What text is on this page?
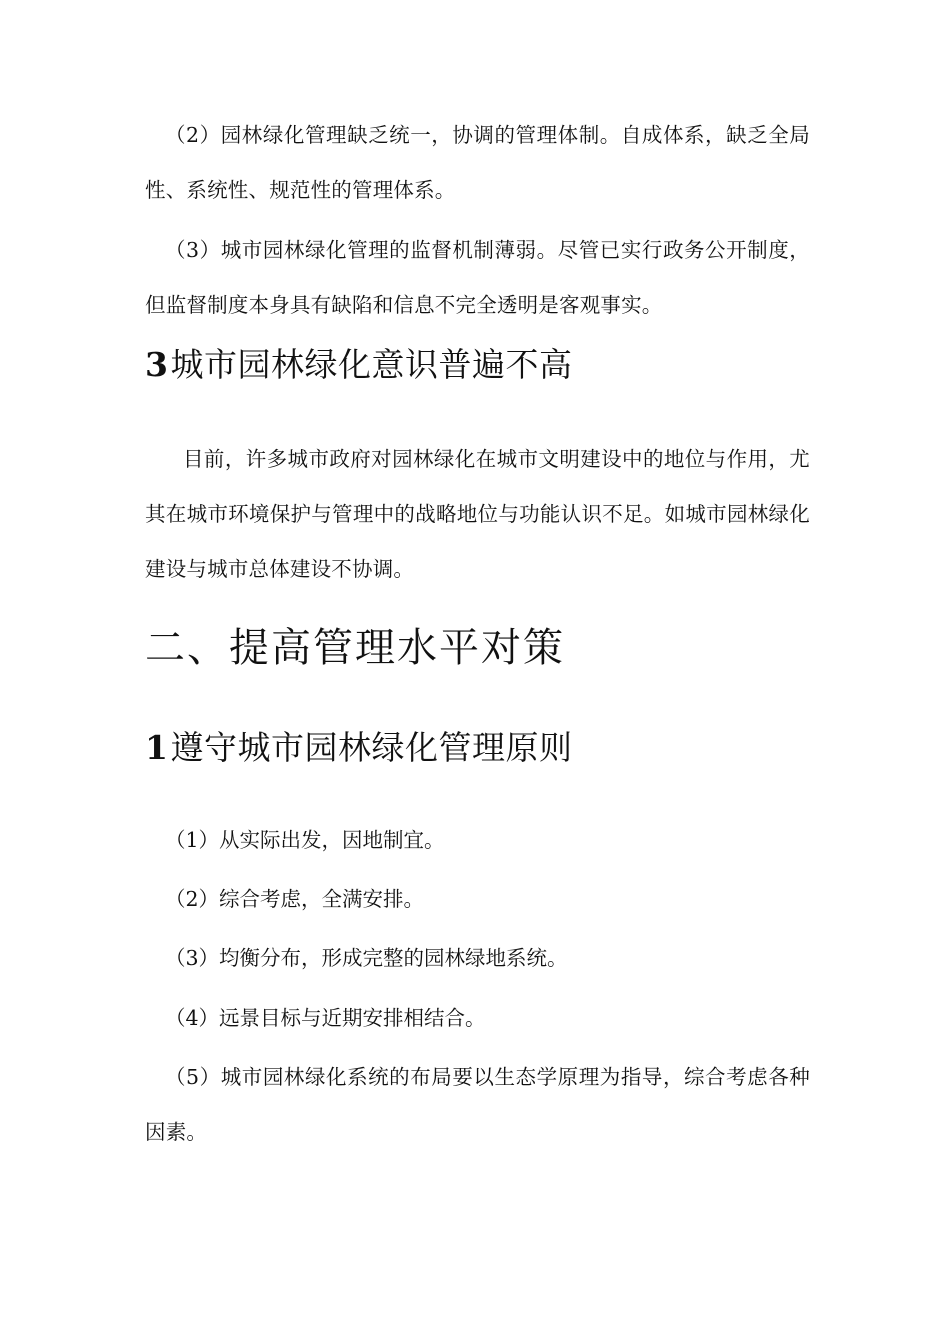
（2）园林绿化管理缺乏统一，协调的管理体制。自成体系，缺乏全局性、系统性、规范性的管理体系。

（3）城市园林绿化管理的监督机制薄弱。尽管已实行政务公开制度，但监督制度本身具有缺陷和信息不完全透明是客观事实。

3城市园林绿化意识普遍不高

目前，许多城市政府对园林绿化在城市文明建设中的地位与作用，尤其在城市环境保护与管理中的战略地位与功能认识不足。如城市园林绿化建设与城市总体建设不协调。

二、提高管理水平对策
1遵守城市园林绿化管理原则

（1）从实际出发，因地制宜。

（2）综合考虑，全满安排。

（3）均衡分布，形成完整的园林绿地系统。

（4）远景目标与近期安排相结合。

（5）城市园林绿化系统的布局要以生态学原理为指导，综合考虑各种因素。
